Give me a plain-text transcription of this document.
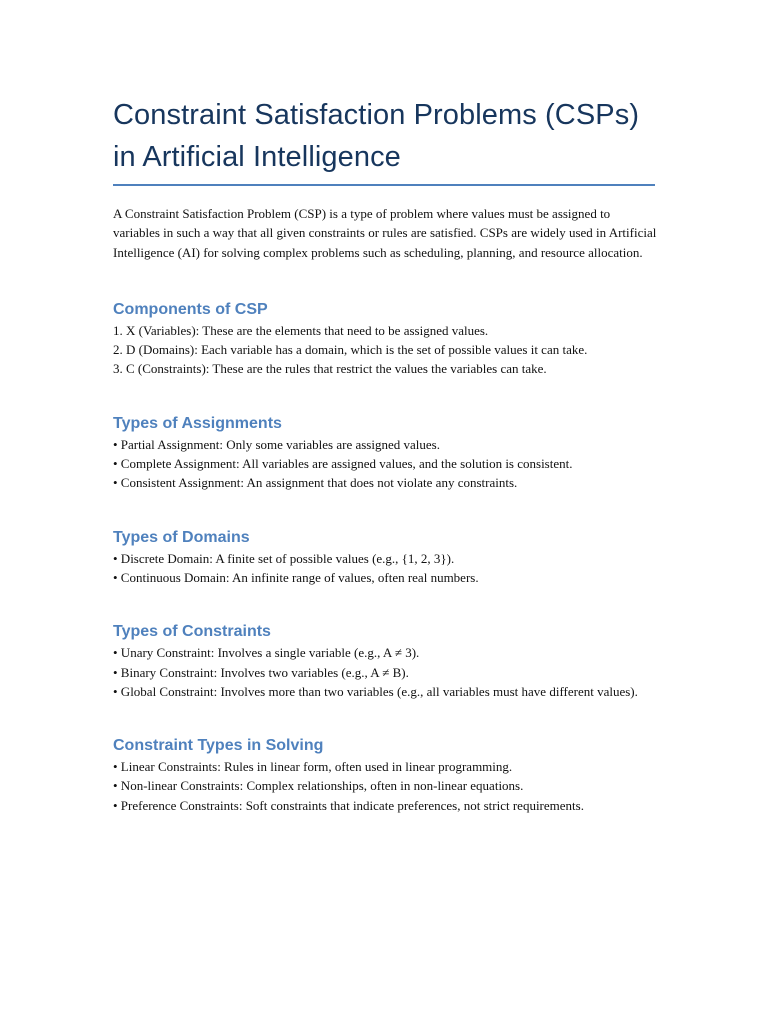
Constraint Satisfaction Problems (CSPs) in Artificial Intelligence

A Constraint Satisfaction Problem (CSP) is a type of problem where values must be assigned to variables in such a way that all given constraints or rules are satisfied. CSPs are widely used in Artificial Intelligence (AI) for solving complex problems such as scheduling, planning, and resource allocation.

Components of CSP
1. X (Variables): These are the elements that need to be assigned values.
2. D (Domains): Each variable has a domain, which is the set of possible values it can take.
3. C (Constraints): These are the rules that restrict the values the variables can take.
Types of Assignments
• Partial Assignment: Only some variables are assigned values.
• Complete Assignment: All variables are assigned values, and the solution is consistent.
• Consistent Assignment: An assignment that does not violate any constraints.
Types of Domains
• Discrete Domain: A finite set of possible values (e.g., {1, 2, 3}).
• Continuous Domain: An infinite range of values, often real numbers.
Types of Constraints
• Unary Constraint: Involves a single variable (e.g., A ≠ 3).
• Binary Constraint: Involves two variables (e.g., A ≠ B).
• Global Constraint: Involves more than two variables (e.g., all variables must have different values).
Constraint Types in Solving
• Linear Constraints: Rules in linear form, often used in linear programming.
• Non-linear Constraints: Complex relationships, often in non-linear equations.
• Preference Constraints: Soft constraints that indicate preferences, not strict requirements.
